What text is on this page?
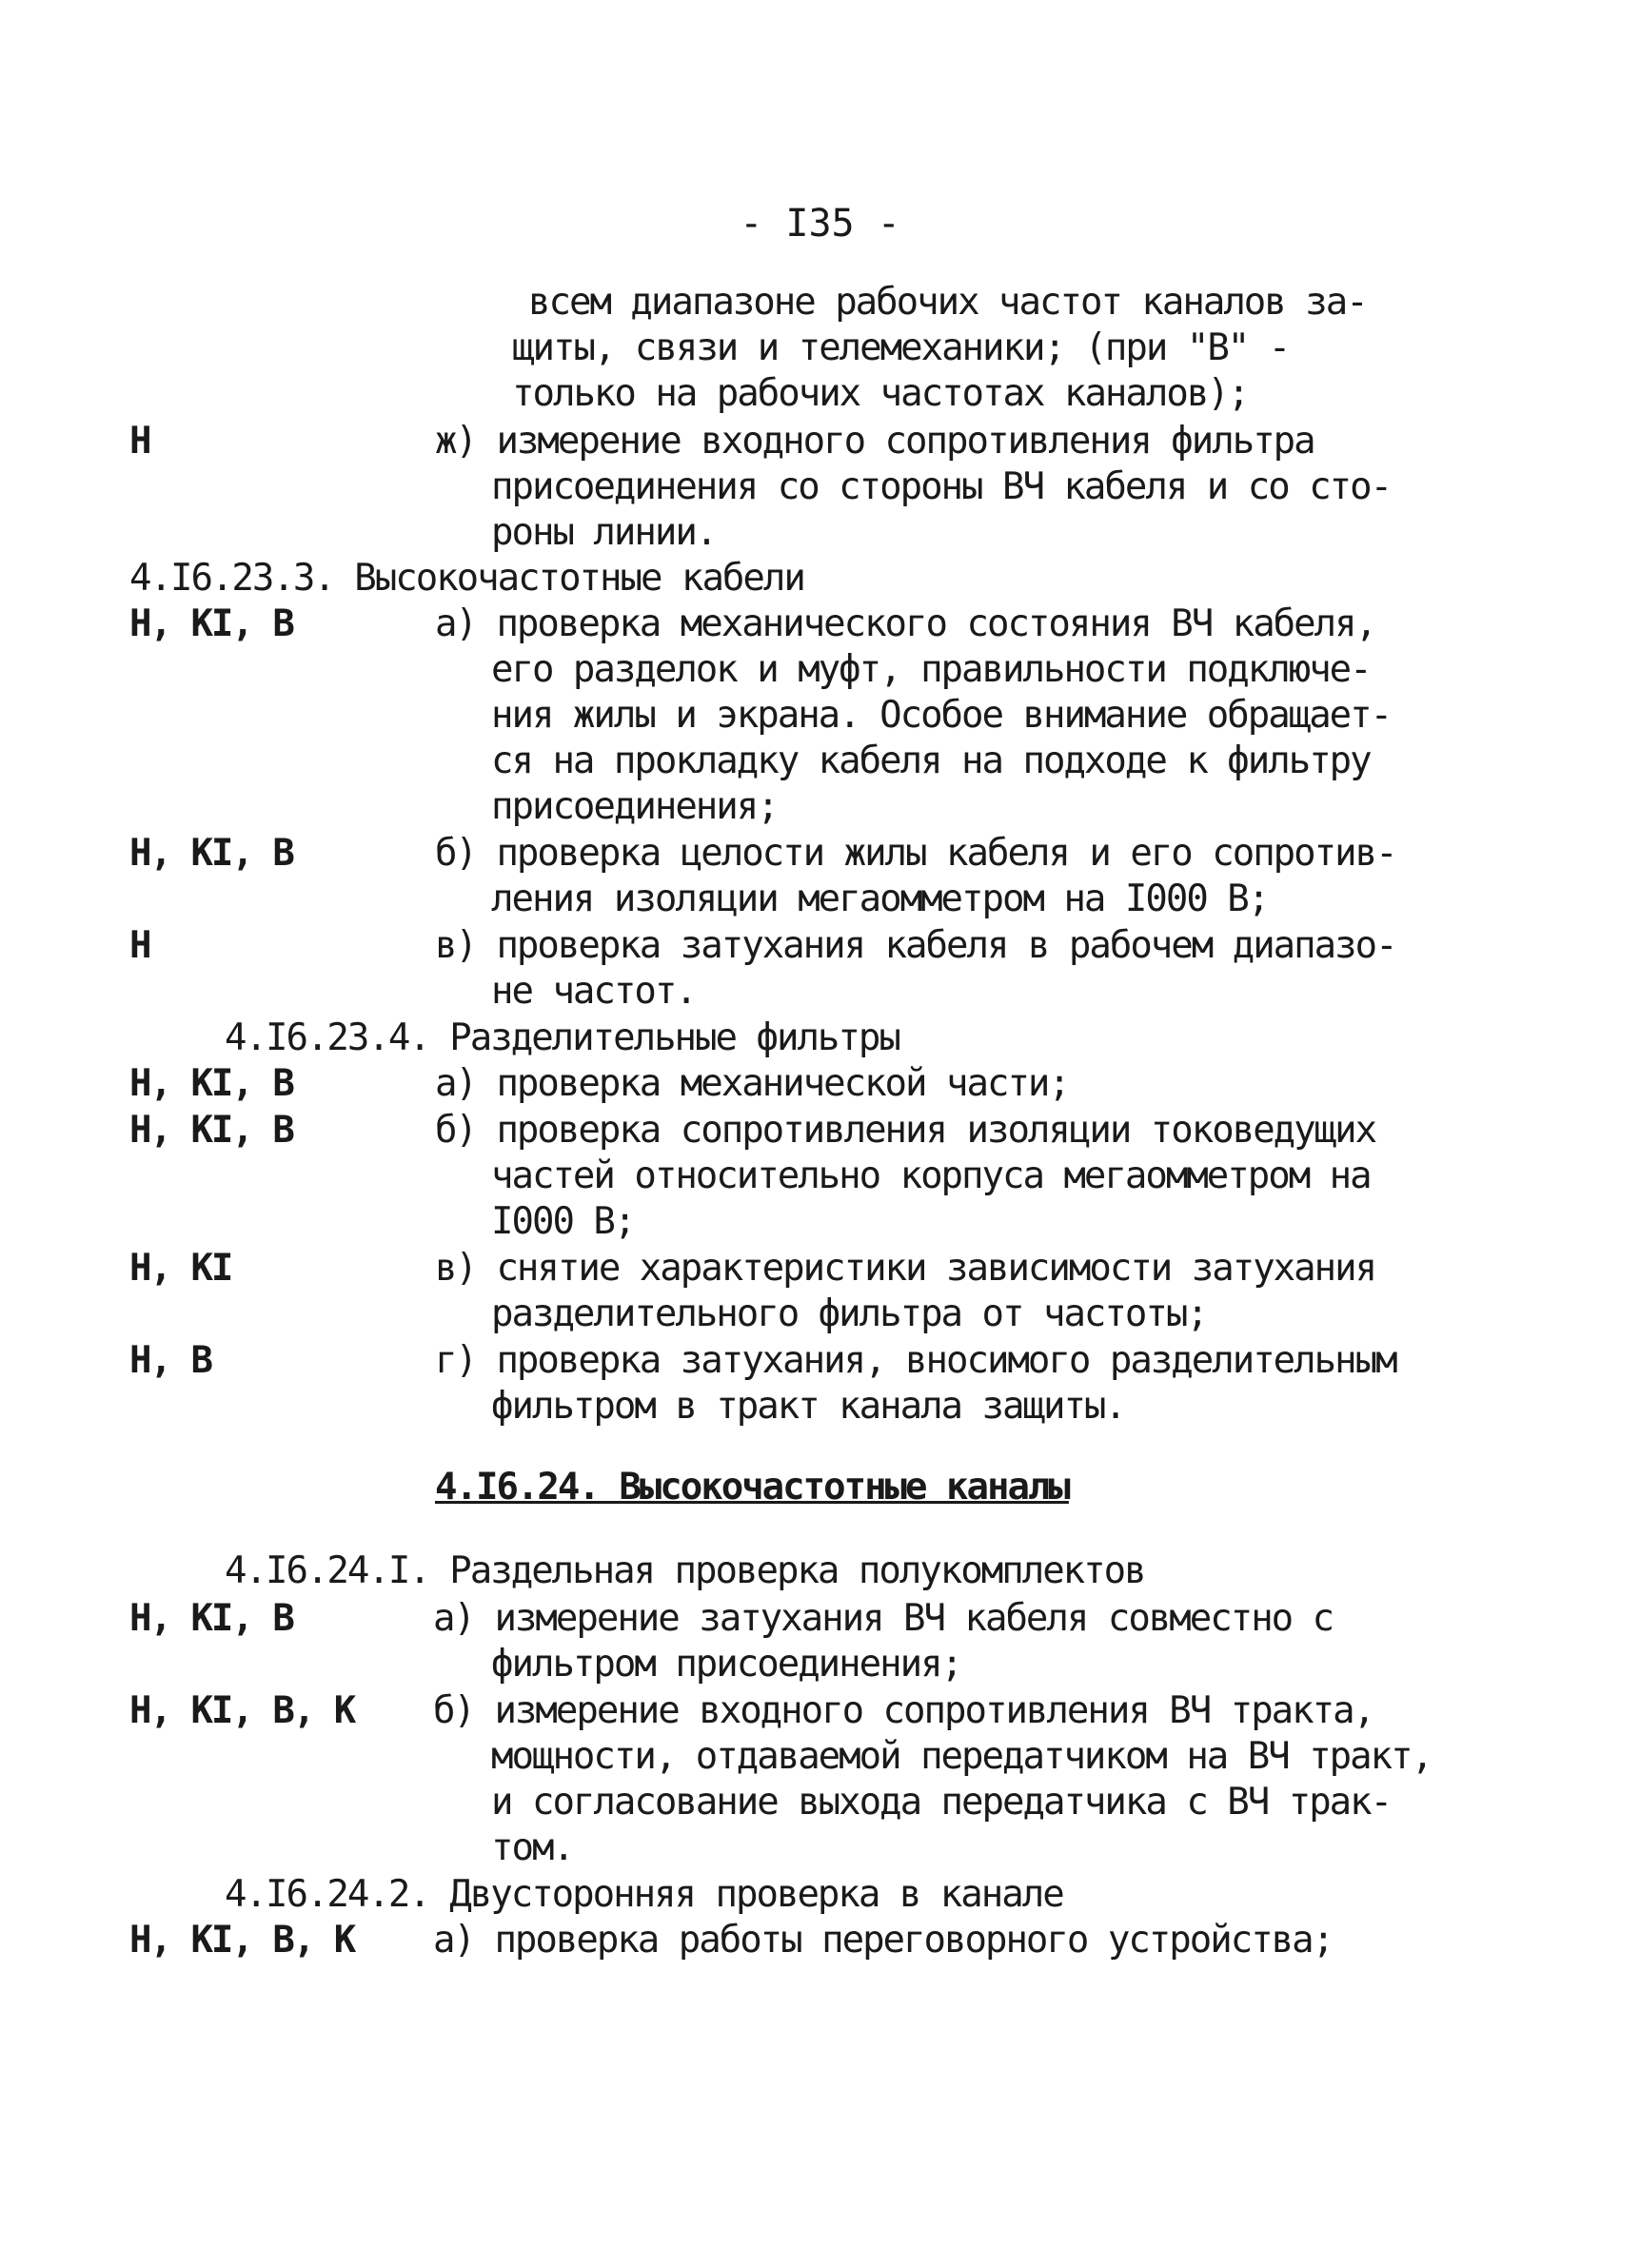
- I35 -
всем диапазоне рабочих частот каналов за-
щиты, связи и телемеханики; (при "В" -
только на рабочих частотах каналов);
H	ж) измерение входного сопротивления фильтра
присоединения со стороны ВЧ кабеля и со сто-
роны линии.
4.I6.23.3. Высокочастотные кабели
H, KI, B	а) проверка механического состояния ВЧ кабеля,
его разделок и муфт, правильности подключе-
ния жилы и экрана. Особое внимание обращает-
ся на прокладку кабеля на подходе к фильтру
присоединения;
H, KI, B	б) проверка целости жилы кабеля и его сопротив-
ления изоляции мегаомметром на I000 В;
H	в) проверка затухания кабеля в рабочем диапазо-
не частот.
4.I6.23.4. Разделительные фильтры
H, KI, B	а) проверка механической части;
H, KI, B	б) проверка сопротивления изоляции токоведущих
частей относительно корпуса мегаомметром на
I000 В;
H, KI	в) снятие характеристики зависимости затухания
разделительного фильтра от частоты;
H, B	г) проверка затухания, вносимого разделительным
фильтром в тракт канала защиты.
4.I6.24. Высокочастотные каналы
4.I6.24.I. Раздельная проверка полукомплектов
H, KI, B	а) измерение затухания ВЧ кабеля совместно с
фильтром присоединения;
H, KI, B, K б) измерение входного сопротивления ВЧ тракта,
мощности, отдаваемой передатчиком на ВЧ тракт,
и согласование выхода передатчика с ВЧ трак-
том.
4.I6.24.2. Двусторонняя проверка в канале
H, KI, B, K а) проверка работы переговорного устройства;
